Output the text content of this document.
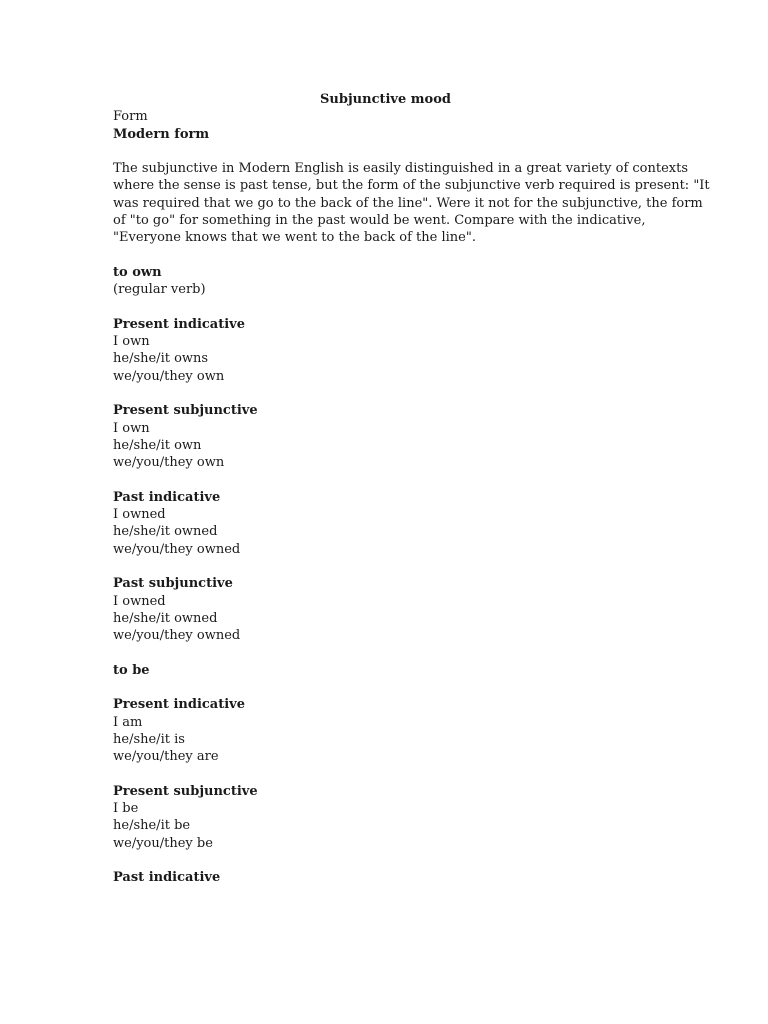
Subjunctive mood

Form

Modern form

The subjunctive in Modern English is easily distinguished in a great variety of contexts

where the sense is past tense, but the form of the subjunctive verb required is present: "It

was required that we go to the back of the line". Were it not for the subjunctive, the form

of "to go" for something in the past would be went. Compare with the indicative,

"Everyone knows that we went to the back of the line".

to own

(regular verb)

Present indicative

I own

he/she/it owns

we/you/they own

Present subjunctive

I own

he/she/it own

we/you/they own

Past indicative

I owned

he/she/it owned

we/you/they owned

Past subjunctive

I owned

he/she/it owned

we/you/they owned

to be

Present indicative

I am

he/she/it is

we/you/they are

Present subjunctive

I be

he/she/it be

we/you/they be

Past indicative
